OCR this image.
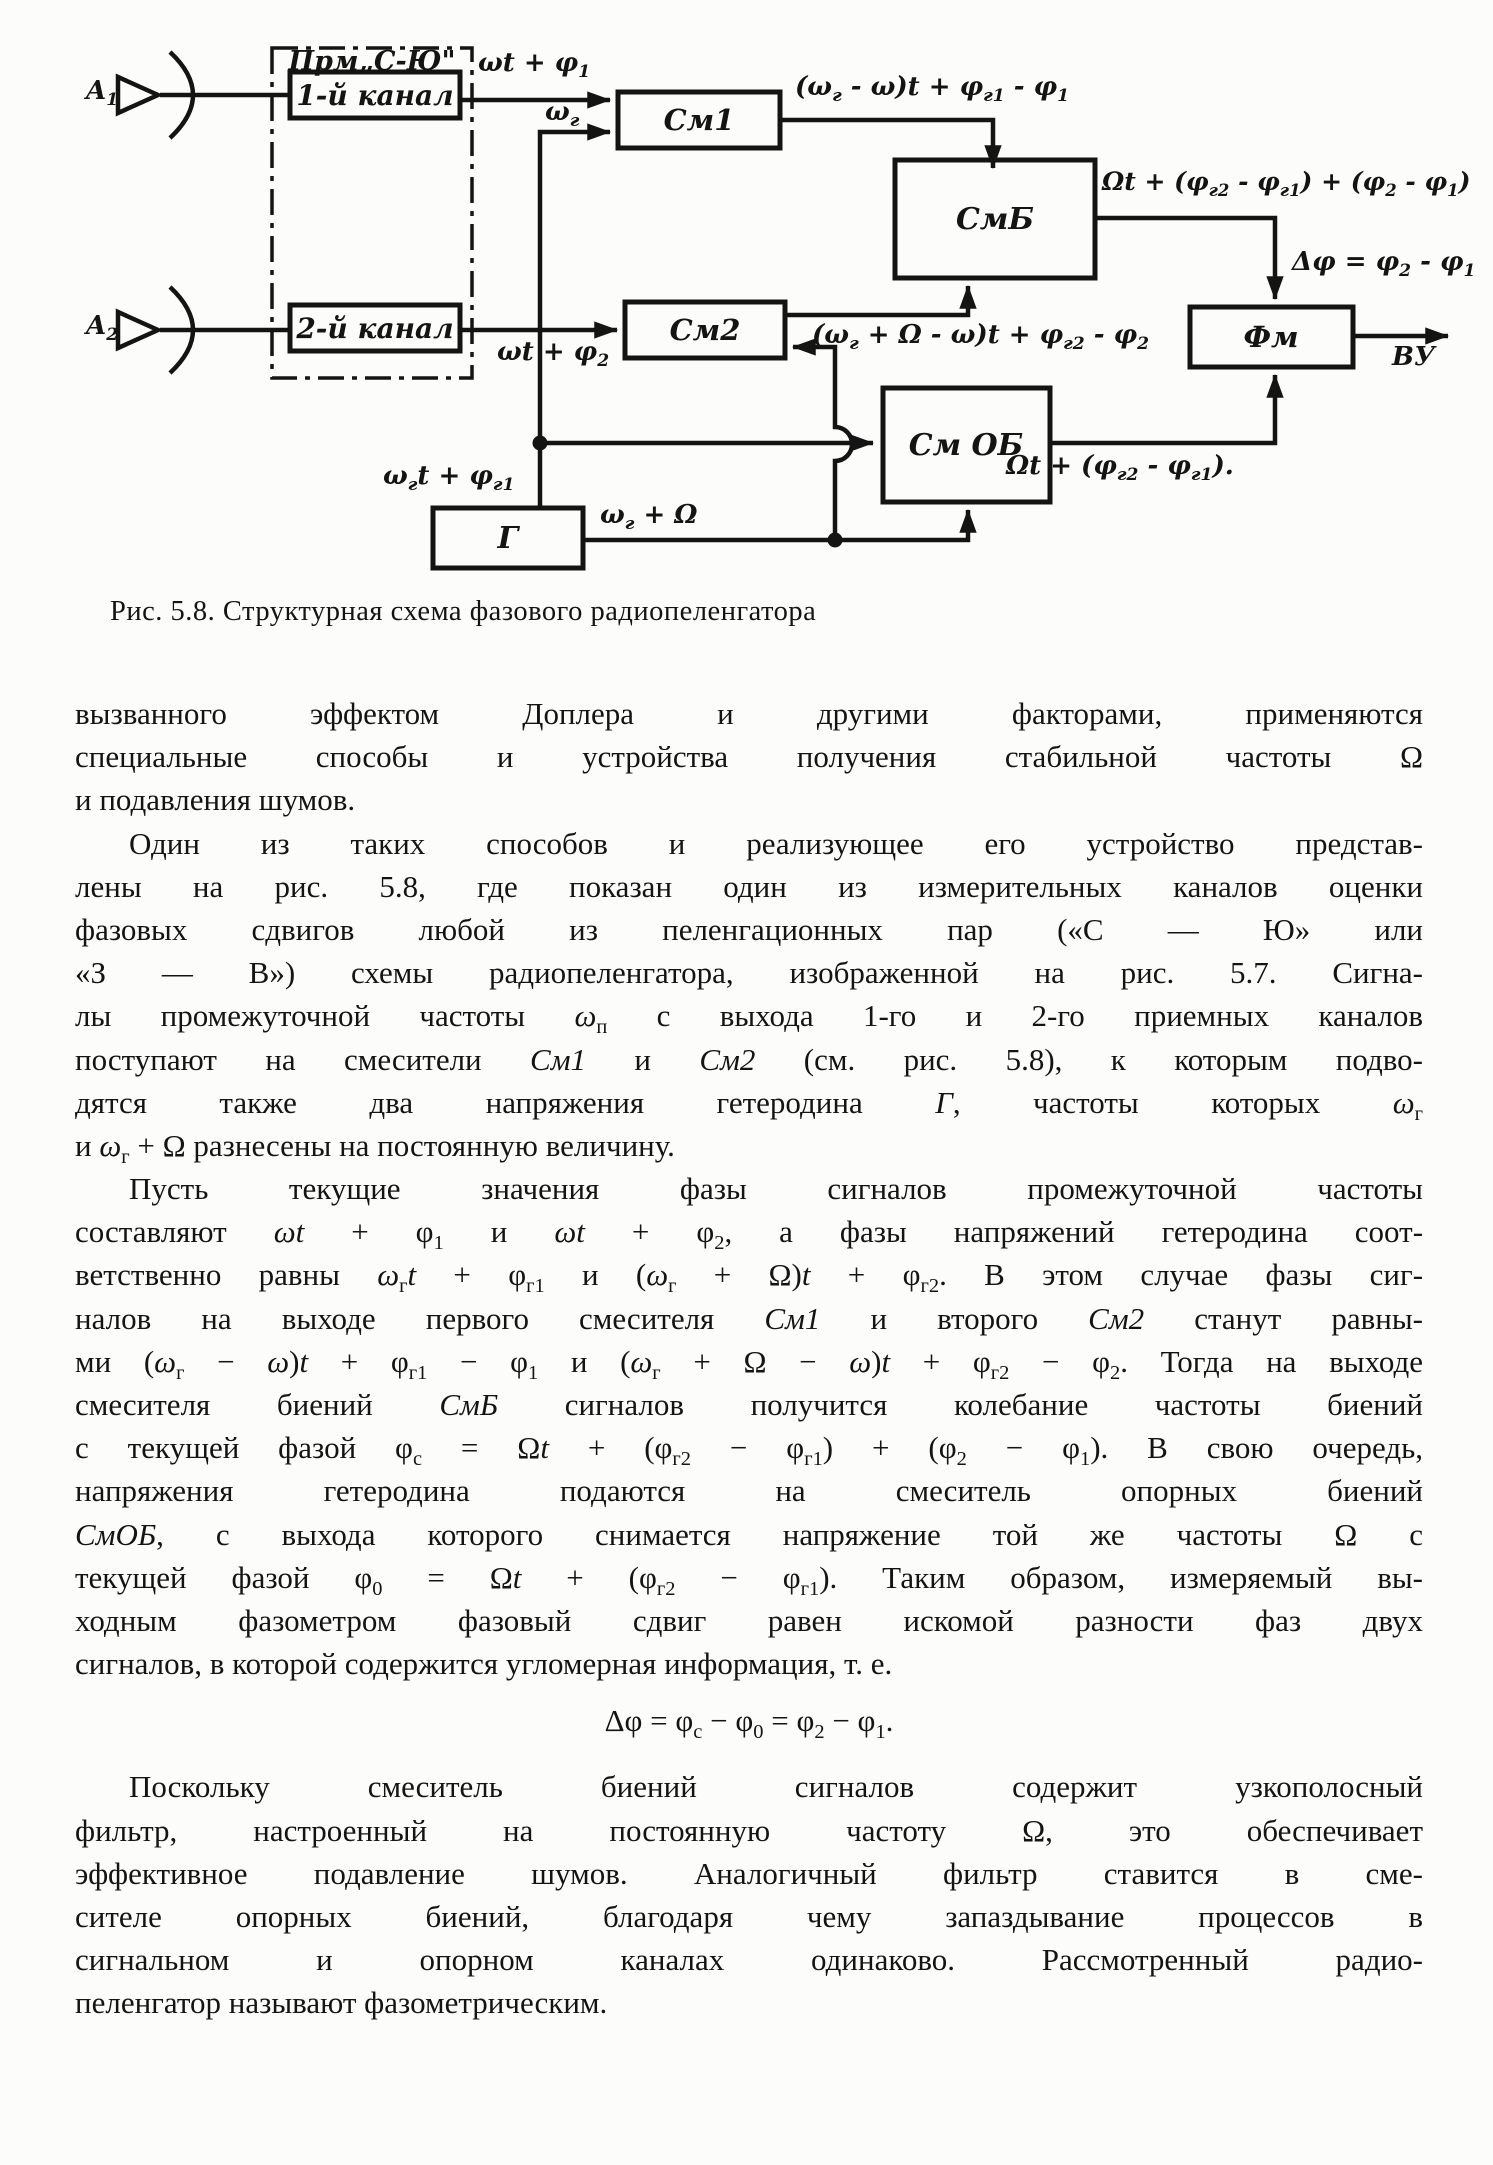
Прм„С-Ю"
1-й канал
2-й канал
См1
См2
СмБ
См ОБ
Фм
Г
$A_1$
$A_2$
$\omega t + \varphi_1$
$\omega_г$
$(\omega_г - \omega)t + \varphi_{г1} - \varphi_1$
$\omega t + \varphi_2$
$(\omega_г + \Omega - \omega)t + \varphi_{г2} - \varphi_2$
$\Omega t + (\varphi_{г2} - \varphi_{г1}) + (\varphi_2 - \varphi_1)$
$\Delta\varphi = \varphi_2 - \varphi_1$
$\omega_гt + \varphi_{г1}$
$\omega_г + \Omega$
$\Omega t + (\varphi_{г2} - \varphi_{г1})$.
ВУ
Рис. 5.8. Структурная схема фазового радиопеленгатора
вызванного эффектом Доплера и другими факторами, применяются
специальные способы и устройства получения стабильной частоты Ω
и подавления шумов.
Один из таких способов и реализующее его устройство представ-
лены на рис. 5.8, где показан один из измерительных каналов оценки
фазовых сдвигов любой из пеленгационных пар («С — Ю» или
«З — В») схемы радиопеленгатора, изображенной на рис. 5.7. Сигна-
лы промежуточной частоты $\omega_п$ с выхода 1-го и 2-го приемных каналов
поступают на смесители См1 и См2 (см. рис. 5.8), к которым подво-
дятся также два напряжения гетеродина Г, частоты которых $\omega_г$
и $\omega_г + \Omega$ разнесены на постоянную величину.
Пусть текущие значения фазы сигналов промежуточной частоты
составляют $\omega t + \varphi_1$ и $\omega t + \varphi_2$, а фазы напряжений гетеродина соот-
ветственно равны $\omega_гt + \varphi_{г1}$ и $(\omega_г + \Omega)t + \varphi_{г2}$. В этом случае фазы сиг-
налов на выходе первого смесителя См1 и второго См2 станут равны-
ми $(\omega_г - \omega)t + \varphi_{г1} - \varphi_1$ и $(\omega_г + \Omega - \omega)t + \varphi_{г2} - \varphi_2$. Тогда на выходе
смесителя биений СмБ сигналов получится колебание частоты биений
с текущей фазой $\varphi_с = \Omega t + (\varphi_{г2} - \varphi_{г1}) + (\varphi_2 - \varphi_1)$. В свою очередь,
напряжения гетеродина подаются на смеситель опорных биений
СмОБ, с выхода которого снимается напряжение той же частоты Ω с
текущей фазой $\varphi_0 = \Omega t + (\varphi_{г2} - \varphi_{г1})$. Таким образом, измеряемый вы-
ходным фазометром фазовый сдвиг равен искомой разности фаз двух
сигналов, в которой содержится угломерная информация, т. е.
$\Delta\varphi = \varphi_с - \varphi_0 = \varphi_2 - \varphi_1$.
Поскольку смеситель биений сигналов содержит узкополосный
фильтр, настроенный на постоянную частоту Ω, это обеспечивает
эффективное подавление шумов. Аналогичный фильтр ставится в сме-
сителе опорных биений, благодаря чему запаздывание процессов в
сигнальном и опорном каналах одинаково. Рассмотренный радио-
пеленгатор называют фазометрическим.
